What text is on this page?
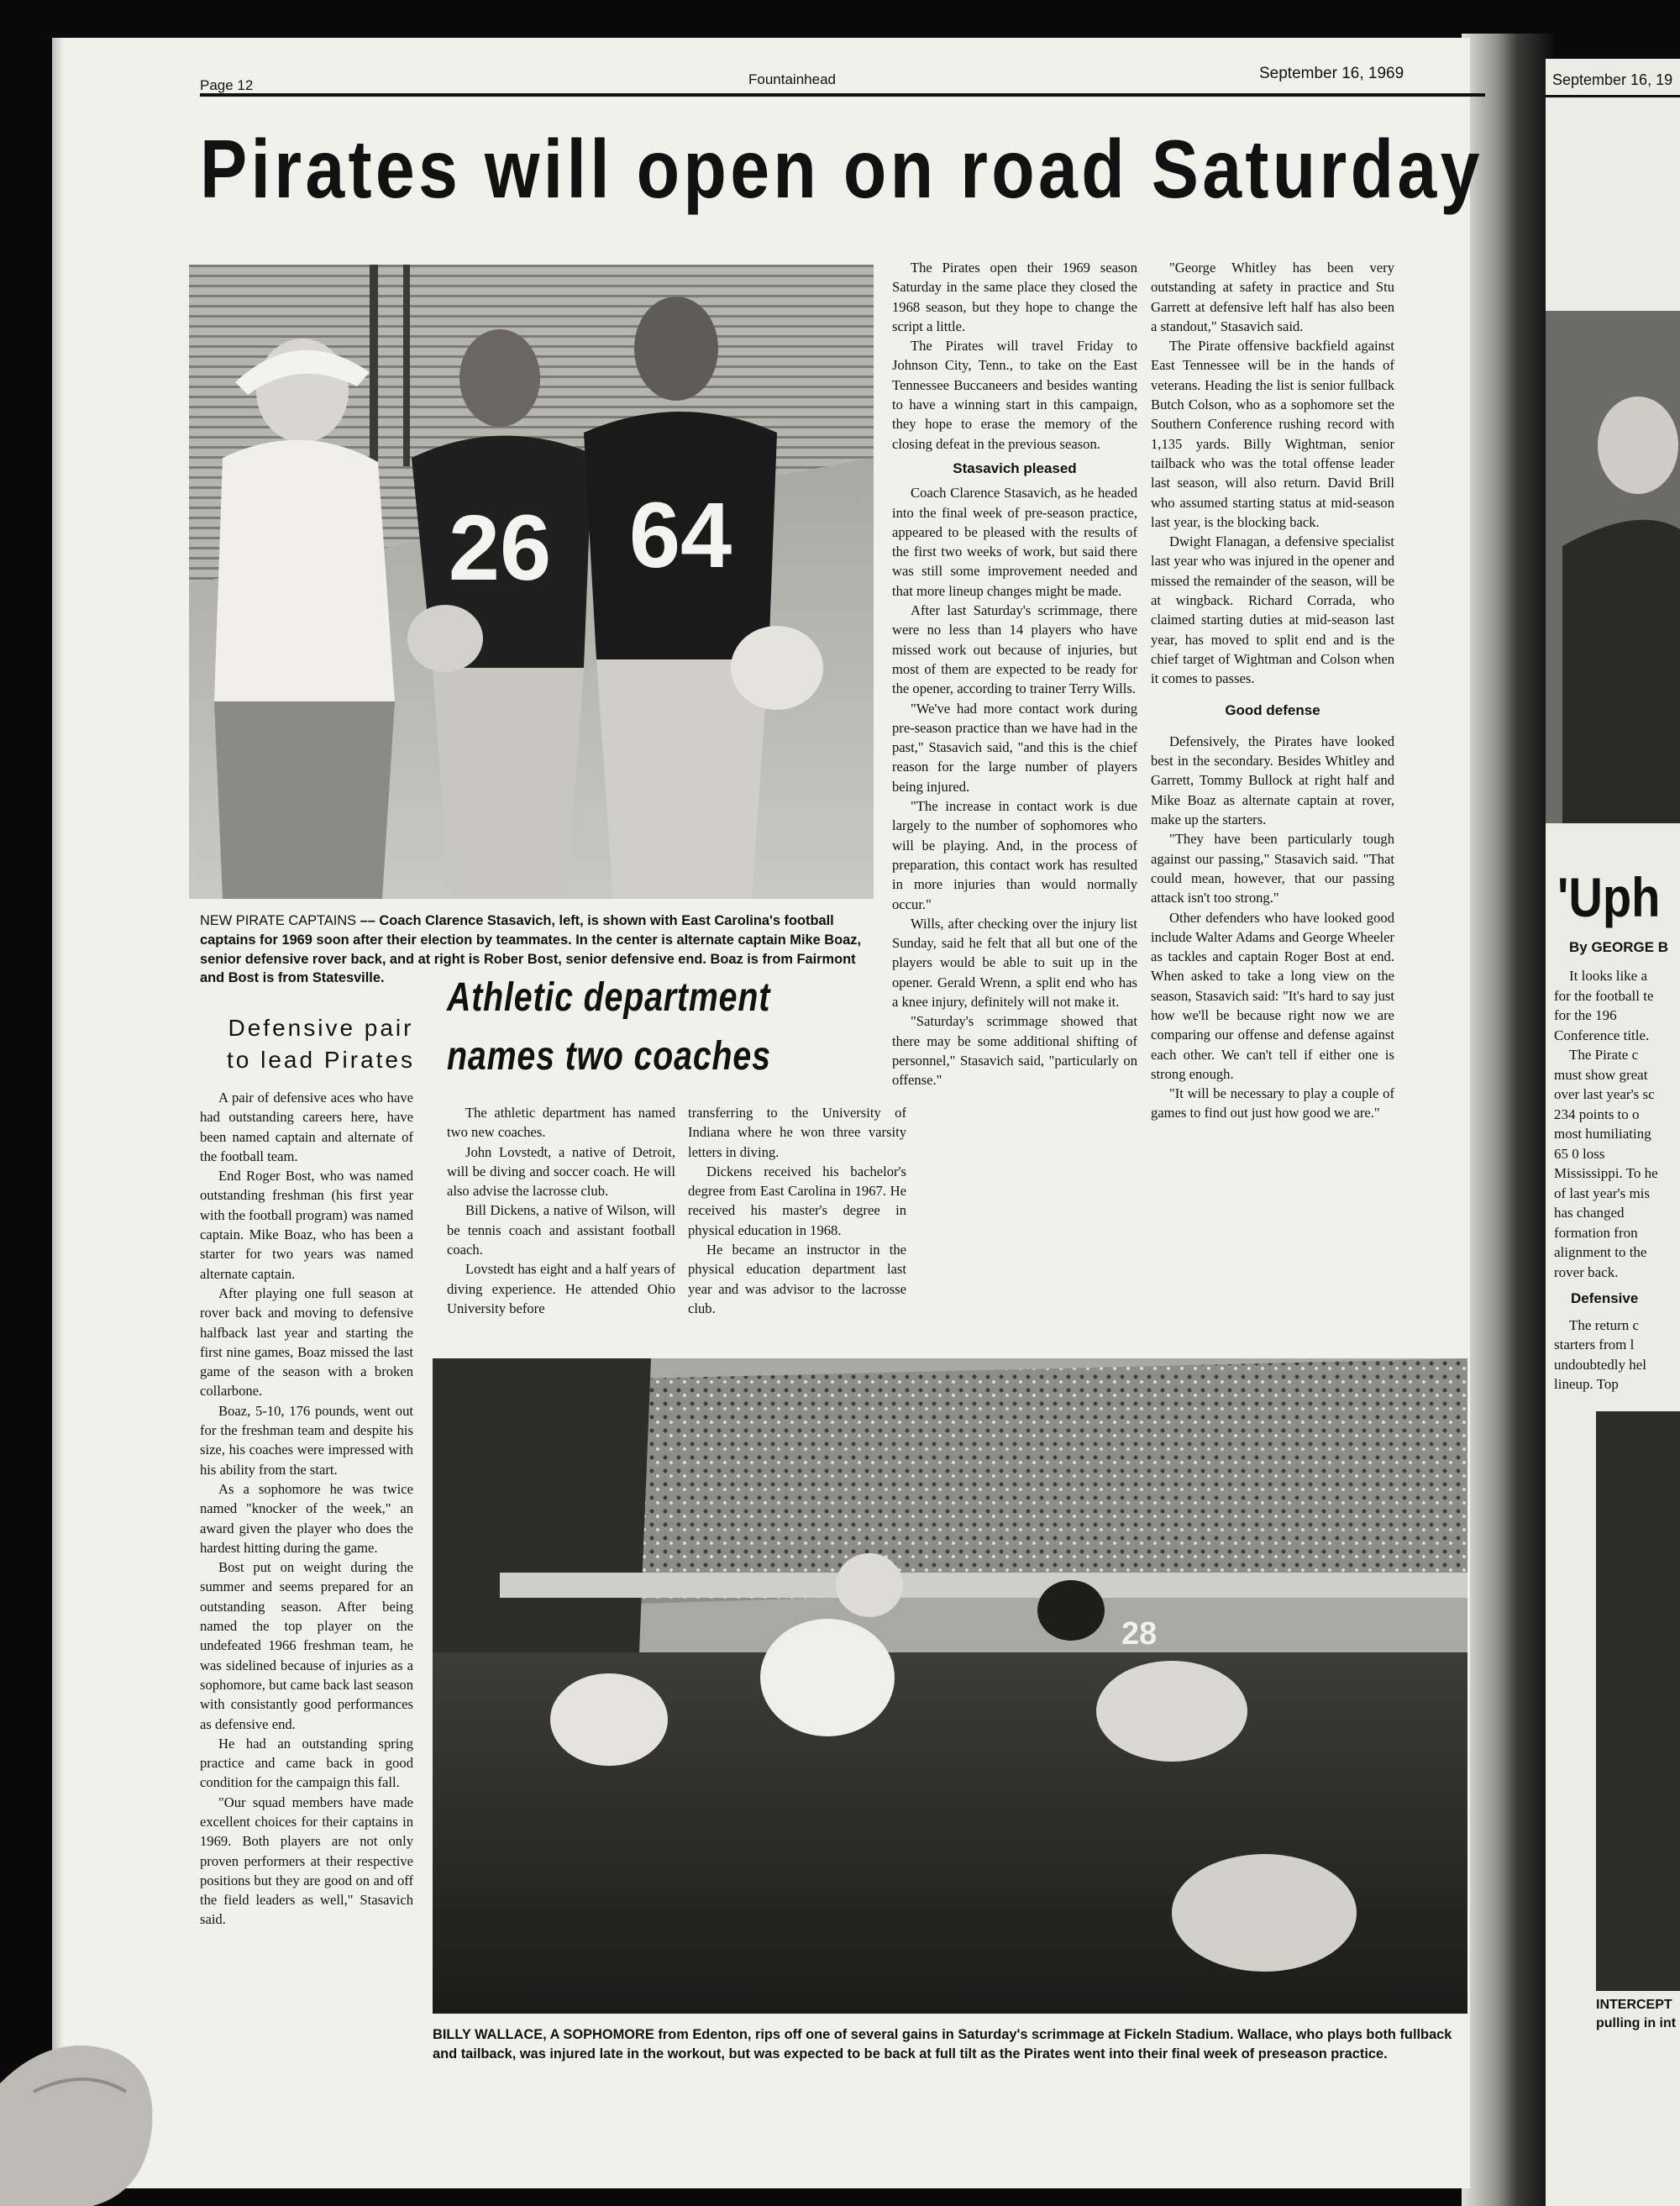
Page 12	Fountainhead	September 16, 1969
Pirates will open on road Saturday
26 64
NEW PIRATE CAPTAINS –– Coach Clarence Stasavich, left, is shown with East Carolina's football captains for 1969 soon after their election by teammates. In the center is alternate captain Mike Boaz, senior defensive rover back, and at right is Rober Bost, senior defensive end. Boaz is from Fairmont and Bost is from Statesville.

The Pirates open their 1969 season Saturday in the same place they closed the 1968 season, but they hope to change the script a little.

The Pirates will travel Friday to Johnson City, Tenn., to take on the East Tennessee Buccaneers and besides wanting to have a winning start in this campaign, they hope to erase the memory of the closing defeat in the previous season.

Stasavich pleased

Coach Clarence Stasavich, as he headed into the final week of pre-season practice, appeared to be pleased with the results of the first two weeks of work, but said there was still some improvement needed and that more lineup changes might be made.

After last Saturday's scrimmage, there were no less than 14 players who have missed work out because of injuries, but most of them are expected to be ready for the opener, according to trainer Terry Wills.

"We've had more contact work during pre-season practice than we have had in the past," Stasavich said, "and this is the chief reason for the large number of players being injured.

"The increase in contact work is due largely to the number of sophomores who will be playing. And, in the process of preparation, this contact work has resulted in more injuries than would normally occur."

Wills, after checking over the injury list Sunday, said he felt that all but one of the players would be able to suit up in the opener. Gerald Wrenn, a split end who has a knee injury, definitely will not make it.

"Saturday's scrimmage showed that there may be some additional shifting of personnel," Stasavich said, "particularly on offense."

"George Whitley has been very outstanding at safety in practice and Stu Garrett at defensive left half has also been a standout," Stasavich said.

The Pirate offensive backfield against East Tennessee will be in the hands of veterans. Heading the list is senior fullback Butch Colson, who as a sophomore set the Southern Conference rushing record with 1,135 yards. Billy Wightman, senior tailback who was the total offense leader last season, will also return. David Brill who assumed starting status at mid-season last year, is the blocking back.

Dwight Flanagan, a defensive specialist last year who was injured in the opener and missed the remainder of the season, will be at wingback. Richard Corrada, who claimed starting duties at mid-season last year, has moved to split end and is the chief target of Wightman and Colson when it comes to passes.

Good defense

Defensively, the Pirates have looked best in the secondary. Besides Whitley and Garrett, Tommy Bullock at right half and Mike Boaz as alternate captain at rover, make up the starters.

"They have been particularly tough against our passing," Stasavich said. "That could mean, however, that our passing attack isn't too strong."

Other defenders who have looked good include Walter Adams and George Wheeler as tackles and captain Roger Bost at end. When asked to take a long view on the season, Stasavich said: "It's hard to say just how we'll be because right now we are comparing our offense and defense against each other. We can't tell if either one is strong enough.

"It will be necessary to play a couple of games to find out just how good we are."

Defensive pair
to lead Pirates

A pair of defensive aces who have had outstanding careers here, have been named captain and alternate of the football team.

End Roger Bost, who was named outstanding freshman (his first year with the football program) was named captain. Mike Boaz, who has been a starter for two years was named alternate captain.

After playing one full season at rover back and moving to defensive halfback last year and starting the first nine games, Boaz missed the last game of the season with a broken collarbone.

Boaz, 5-10, 176 pounds, went out for the freshman team and despite his size, his coaches were impressed with his ability from the start.

As a sophomore he was twice named "knocker of the week," an award given the player who does the hardest hitting during the game.

Bost put on weight during the summer and seems prepared for an outstanding season. After being named the top player on the undefeated 1966 freshman team, he was sidelined because of injuries as a sophomore, but came back last season with consistantly good performances as defensive end.

He had an outstanding spring practice and came back in good condition for the campaign this fall.

"Our squad members have made excellent choices for their captains in 1969. Both players are not only proven performers at their respective positions but they are good on and off the field leaders as well," Stasavich said.

Athletic department
names two coaches

The athletic department has named two new coaches.

John Lovstedt, a native of Detroit, will be diving and soccer coach. He will also advise the lacrosse club.

Bill Dickens, a native of Wilson, will be tennis coach and assistant football coach.

Lovstedt has eight and a half years of diving experience. He attended Ohio University before

transferring to the University of Indiana where he won three varsity letters in diving.

Dickens received his bachelor's degree from East Carolina in 1967. He received his master's degree in physical education in 1968.

He became an instructor in the physical education department last year and was advisor to the lacrosse club.

28
BILLY WALLACE, A SOPHOMORE from Edenton, rips off one of several gains in Saturday's scrimmage at Fickeln Stadium. Wallace, who plays both fullback and tailback, was injured late in the workout, but was expected to be back at full tilt as the Pirates went into their final week of preseason practice.
September 16, 19
'Uph
By GEORGE B
It looks like a
for the football te
for the 196
Conference title.
The Pirate c
must show great
over last year's sc
234 points to o
most humiliating
65 0 loss
Mississippi. To he
of last year's mis
has changed
formation fron
alignment to the
rover back.
Defensive
The return c
starters from l
undoubtedly hel
lineup. Top
INTERCEPT
pulling in int
